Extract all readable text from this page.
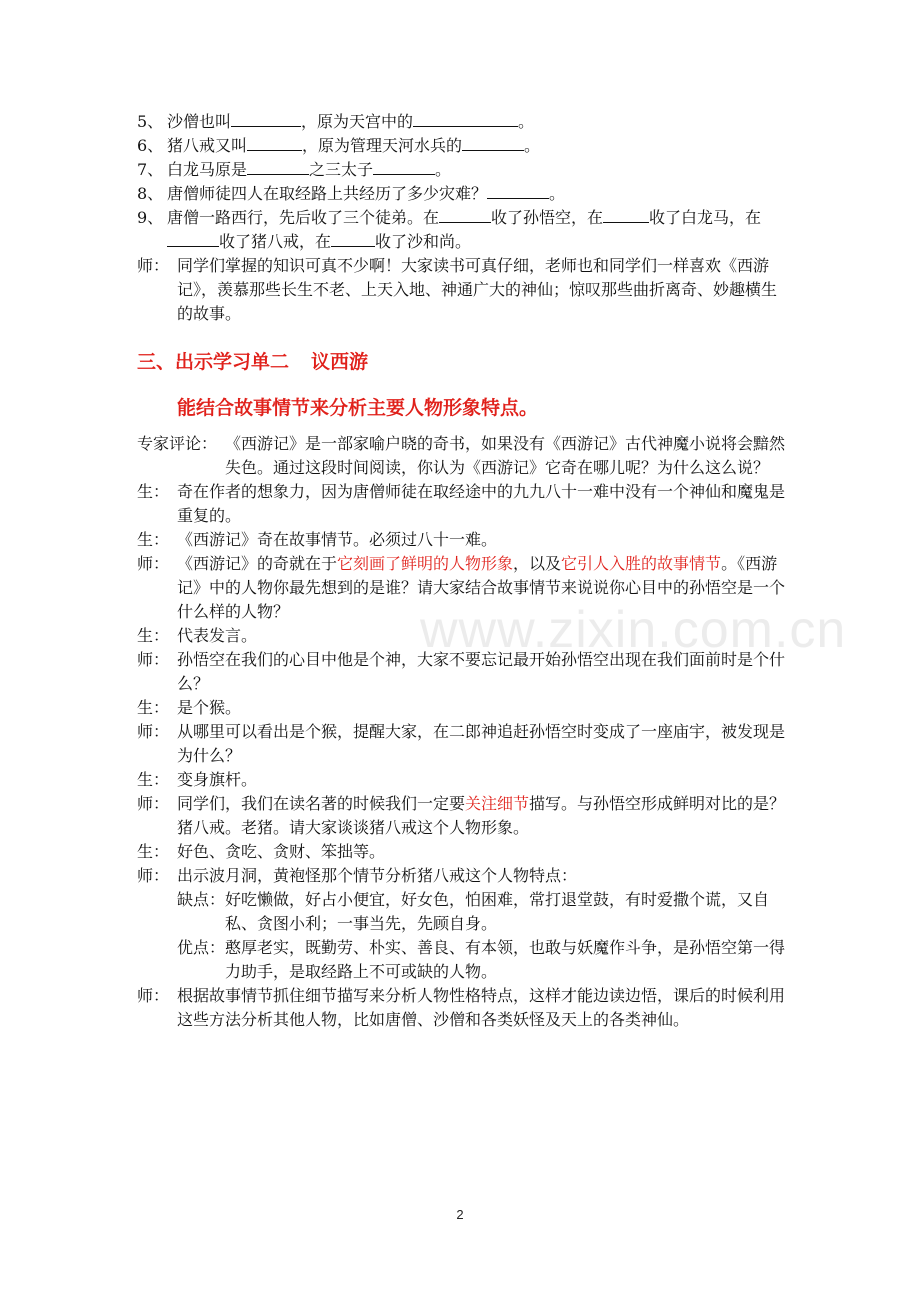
5、 沙僧也叫	，原为天宫中的	。

6、 猪八戒又叫	，原为管理天河水兵的	。

7、 白龙马原是	之三太子	。

8、 唐僧师徒四人在取经路上共经历了多少灾难？	。

9、 唐僧一路西行，先后收了三个徒弟。在	收了孙悟空，在	收了白龙马，在收了猪八戒，在	收了沙和尚。

师： 同学们掌握的知识可真不少啊！大家读书可真仔细，老师也和同学们一样喜欢《西游记》，羡慕那些长生不老、上天入地、神通广大的神仙；惊叹那些曲折离奇、妙趣横生的故事。

三、出示学习单二 议西游

能结合故事情节来分析主要人物形象特点。

专家评论： 《西游记》是一部家喻户晓的奇书，如果没有《西游记》古代神魔小说将会黯然失色。通过这段时间阅读，你认为《西游记》它奇在哪儿呢？为什么这么说？

生： 奇在作者的想象力，因为唐僧师徒在取经途中的九九八十一难中没有一个神仙和魔鬼是重复的。

生： 《西游记》奇在故事情节。必须过八十一难。

师： 《西游记》的奇就在于它刻画了鲜明的人物形象，以及它引人入胜的故事情节。《西游记》中的人物你最先想到的是谁？请大家结合故事情节来说说你心目中的孙悟空是一个什么样的人物？

生： 代表发言。

师： 孙悟空在我们的心目中他是个神，大家不要忘记最开始孙悟空出现在我们面前时是个什么？

生： 是个猴。

师： 从哪里可以看出是个猴，提醒大家，在二郎神追赶孙悟空时变成了一座庙宇，被发现是为什么？

生： 变身旗杆。

师： 同学们，我们在读名著的时候我们一定要关注细节描写。与孙悟空形成鲜明对比的是？猪八戒。老猪。请大家谈谈猪八戒这个人物形象。

生： 好色、贪吃、贪财、笨拙等。

师： 出示波月洞，黄袍怪那个情节分析猪八戒这个人物特点：

缺点：好吃懒做，好占小便宜，好女色，怕困难，常打退堂鼓，有时爱撒个谎，又自私、贪图小利；一事当先，先顾自身。

优点：憨厚老实，既勤劳、朴实、善良、有本领，也敢与妖魔作斗争，是孙悟空第一得力助手，是取经路上不可或缺的人物。

师： 根据故事情节抓住细节描写来分析人物性格特点，这样才能边读边悟，课后的时候利用这些方法分析其他人物，比如唐僧、沙僧和各类妖怪及天上的各类神仙。

www.zixin.com.cn
2
